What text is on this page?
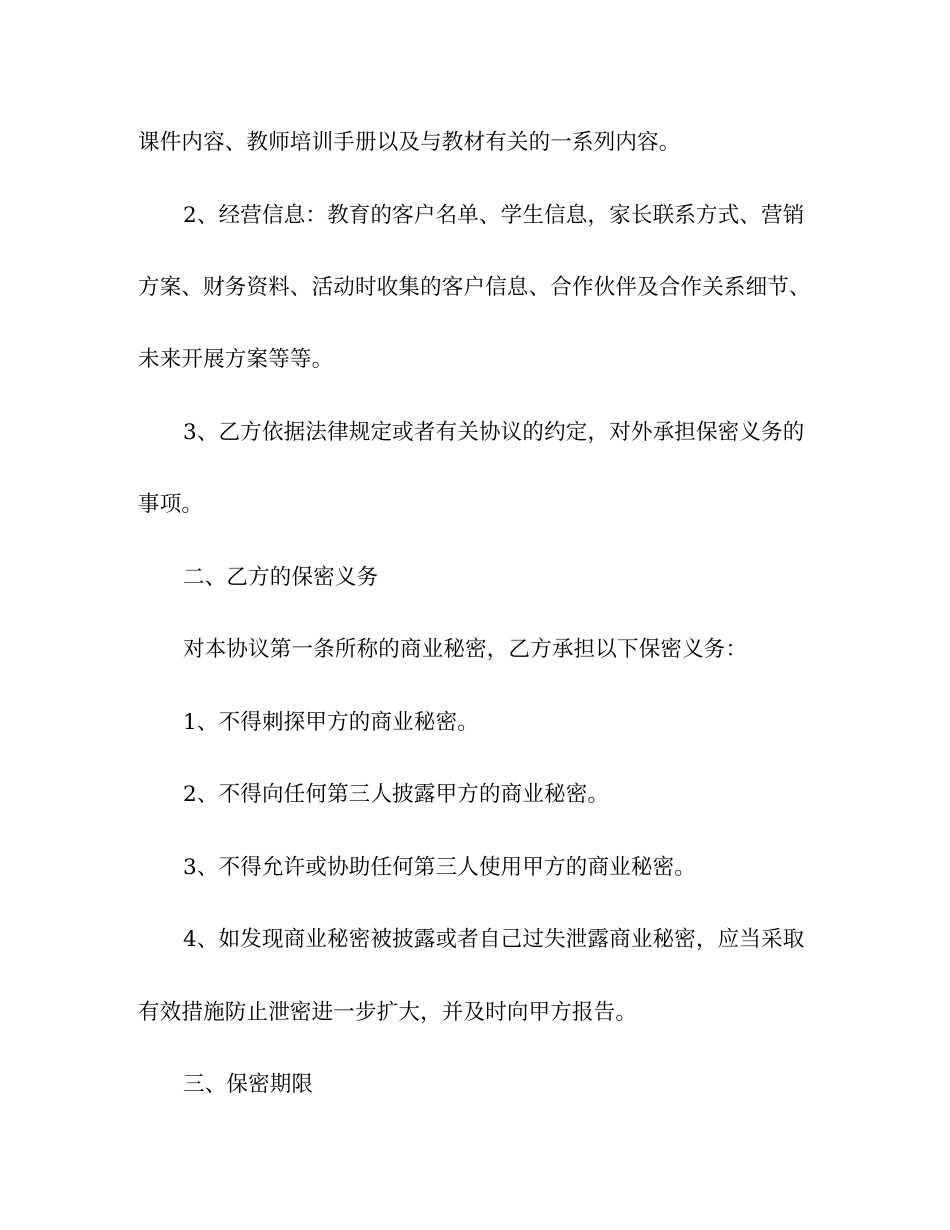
课件内容、教师培训手册以及与教材有关的一系列内容。
2、经营信息：教育的客户名单、学生信息，家长联系方式、营销
方案、财务资料、活动时收集的客户信息、合作伙伴及合作关系细节、
未来开展方案等等。
3、乙方依据法律规定或者有关协议的约定，对外承担保密义务的
事项。
二、乙方的保密义务
对本协议第一条所称的商业秘密，乙方承担以下保密义务：
1、不得刺探甲方的商业秘密。
2、不得向任何第三人披露甲方的商业秘密。
3、不得允许或协助任何第三人使用甲方的商业秘密。
4、如发现商业秘密被披露或者自己过失泄露商业秘密，应当采取
有效措施防止泄密进一步扩大，并及时向甲方报告。
三、保密期限
